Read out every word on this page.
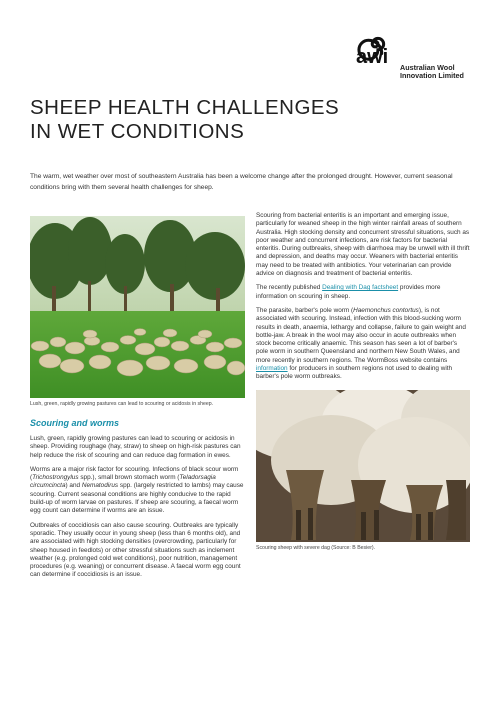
awi Australian Wool
Innovation Limited
SHEEP HEALTH CHALLENGES
IN WET CONDITIONS

The warm, wet weather over most of southeastern Australia has been a welcome change after the prolonged drought. However, current seasonal conditions bring with them several health challenges for sheep.

Lush, green, rapidly growing pastures can lead to scouring or acidosis in sheep.

Scouring and worms

Lush, green, rapidly growing pastures can lead to scouring or acidosis in sheep. Providing roughage (hay, straw) to sheep on high-risk pastures can help reduce the risk of scouring and can reduce dag formation in ewes.

Worms are a major risk factor for scouring. Infections of black scour worm (Trichostrongylus spp.), small brown stomach worm (Teladorsagia circumcincta) and Nematodirus spp. (largely restricted to lambs) may cause scouring. Current seasonal conditions are highly conducive to the rapid build-up of worm larvae on pastures. If sheep are scouring, a faecal worm egg count can determine if worms are an issue.

Outbreaks of coccidiosis can also cause scouring. Outbreaks are typically sporadic. They usually occur in young sheep (less than 6 months old), and are associated with high stocking densities (overcrowding, particularly for sheep housed in feedlots) or other stressful situations such as inclement weather (e.g. prolonged cold wet conditions), poor nutrition, management procedures (e.g. weaning) or concurrent disease. A faecal worm egg count can determine if coccidiosis is an issue.

Scouring from bacterial enteritis is an important and emerging issue, particularly for weaned sheep in the high winter rainfall areas of southern Australia. High stocking density and concurrent stressful situations, such as poor weather and concurrent infections, are risk factors for bacterial enteritis. During outbreaks, sheep with diarrhoea may be unwell with ill thrift and depression, and deaths may occur. Weaners with bacterial enteritis may need to be treated with antibiotics. Your veterinarian can provide advice on diagnosis and treatment of bacterial enteritis.

The recently published Dealing with Dag factsheet provides more information on scouring in sheep.

The parasite, barber's pole worm (Haemonchus contortus), is not associated with scouring. Instead, infection with this blood-sucking worm results in death, anaemia, lethargy and collapse, failure to gain weight and bottle-jaw. A break in the wool may also occur in acute outbreaks when stock become critically anaemic. This season has seen a lot of barber's pole worm in southern Queensland and northern New South Wales, and more recently in southern regions. The WormBoss website contains information for producers in southern regions not used to dealing with barber's pole worm outbreaks.

Scouring sheep with severe dag (Source: B Besier).
